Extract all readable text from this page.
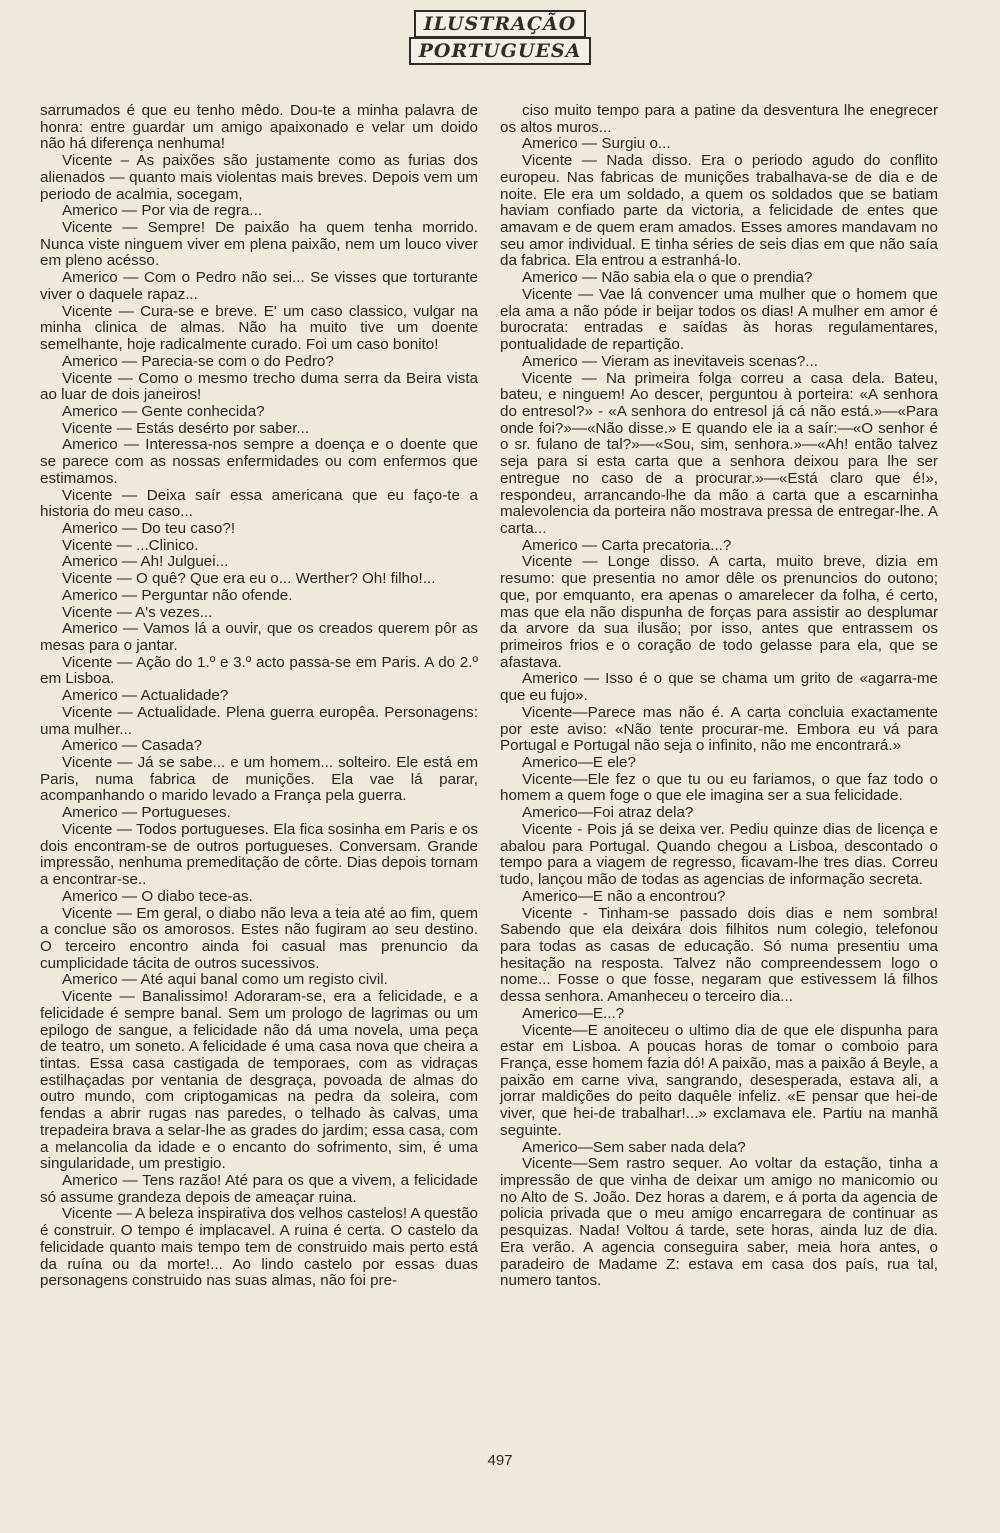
ILUSTRAÇÃO
PORTUGUESA

sarrumados é que eu tenho mêdo. Dou-te a minha palavra de honra: entre guardar um amigo apaixonado e velar um doido não há diferença nenhuma!

Vicente – As paixões são justamente como as furias dos alienados — quanto mais violentas mais breves. Depois vem um periodo de acalmia, socegam,

Americo — Por via de regra...

Vicente — Sempre! De paixão ha quem tenha morrido. Nunca viste ninguem viver em plena paixão, nem um louco viver em pleno acésso.

Americo — Com o Pedro não sei... Se visses que torturante viver o daquele rapaz...

Vicente — Cura-se e breve. E' um caso classico, vulgar na minha clinica de almas. Não ha muito tive um doente semelhante, hoje radicalmente curado. Foi um caso bonito!

Americo — Parecia-se com o do Pedro?

Vicente — Como o mesmo trecho duma serra da Beira vista ao luar de dois janeiros!

Americo — Gente conhecida?

Vicente — Estás desérto por saber...

Americo — Interessa-nos sempre a doença e o doente que se parece com as nossas enfermidades ou com enfermos que estimamos.

Vicente — Deixa saír essa americana que eu faço-te a historia do meu caso...

Americo — Do teu caso?!

Vicente — ...Clinico.

Americo — Ah! Julguei...

Vicente — O quê? Que era eu o... Werther? Oh! filho!...

Americo — Perguntar não ofende.

Vicente — A's vezes...

Americo — Vamos lá a ouvir, que os creados querem pôr as mesas para o jantar.

Vicente — Ação do 1.º e 3.º acto passa-se em Paris. A do 2.º em Lisboa.

Americo — Actualidade?

Vicente — Actualidade. Plena guerra europêa. Personagens: uma mulher...

Americo — Casada?

Vicente — Já se sabe... e um homem... solteiro. Ele está em Paris, numa fabrica de munições. Ela vae lá parar, acompanhando o marido levado a França pela guerra.

Americo — Portugueses.

Vicente — Todos portugueses. Ela fica sosinha em Paris e os dois encontram-se de outros portugueses. Conversam. Grande impressão, nenhuma premeditação de côrte. Dias depois tornam a encontrar-se..

Americo — O diabo tece-as.

Vicente — Em geral, o diabo não leva a teia até ao fim, quem a conclue são os amorosos. Estes não fugiram ao seu destino. O terceiro encontro ainda foi casual mas prenuncio da cumplicidade tácita de outros sucessivos.

Americo — Até aqui banal como um registo civil.

Vicente — Banalissimo! Adoraram-se, era a felicidade, e a felicidade é sempre banal. Sem um prologo de lagrimas ou um epilogo de sangue, a felicidade não dá uma novela, uma peça de teatro, um soneto. A felicidade é uma casa nova que cheira a tintas. Essa casa castigada de temporaes, com as vidraças estilhaçadas por ventania de desgraça, povoada de almas do outro mundo, com criptogamicas na pedra da soleira, com fendas a abrir rugas nas paredes, o telhado às calvas, uma trepadeira brava a selar-lhe as grades do jardim; essa casa, com a melancolia da idade e o encanto do sofrimento, sim, é uma singularidade, um prestigio.

Americo — Tens razão! Até para os que a vivem, a felicidade só assume grandeza depois de ameaçar ruina.

Vicente — A beleza inspirativa dos velhos castelos! A questão é construir. O tempo é implacavel. A ruina é certa. O castelo da felicidade quanto mais tempo tem de construido mais perto está da ruína ou da morte!... Ao lindo castelo por essas duas personagens construido nas suas almas, não foi pre-

ciso muito tempo para a patine da desventura lhe enegrecer os altos muros...

Americo — Surgiu o...

Vicente — Nada disso. Era o periodo agudo do conflito europeu. Nas fabricas de munições trabalhava-se de dia e de noite. Ele era um soldado, a quem os soldados que se batiam haviam confiado parte da victoria, a felicidade de entes que amavam e de quem eram amados. Esses amores mandavam no seu amor individual. E tinha séries de seis dias em que não saía da fabrica. Ela entrou a estranhá-lo.

Americo — Não sabia ela o que o prendia?

Vicente — Vae lá convencer uma mulher que o homem que ela ama a não póde ir beijar todos os dias! A mulher em amor é burocrata: entradas e saídas às horas regulamentares, pontualidade de repartição.

Americo — Vieram as inevitaveis scenas?...

Vicente — Na primeira folga correu a casa dela. Bateu, bateu, e ninguem! Ao descer, perguntou à porteira: «A senhora do entresol?» - «A senhora do entresol já cá não está.»—«Para onde foi?»—«Não disse.» E quando ele ia a saír:—«O senhor é o sr. fulano de tal?»—«Sou, sim, senhora.»—«Ah! então talvez seja para si esta carta que a senhora deixou para lhe ser entregue no caso de a procurar.»—«Está claro que é!», respondeu, arrancando-lhe da mão a carta que a escarninha malevolencia da porteira não mostrava pressa de entregar-lhe. A carta...

Americo — Carta precatoria...?

Vicente — Longe disso. A carta, muito breve, dizia em resumo: que presentia no amor dêle os prenuncios do outono; que, por emquanto, era apenas o amarelecer da folha, é certo, mas que ela não dispunha de forças para assistir ao desplumar da arvore da sua ilusão; por isso, antes que entrassem os primeiros frios e o coração de todo gelasse para ela, que se afastava.

Americo — Isso é o que se chama um grito de «agarra-me que eu fujo».

Vicente—Parece mas não é. A carta concluia exactamente por este aviso: «Não tente procurar-me. Embora eu vá para Portugal e Portugal não seja o infinito, não me encontrará.»

Americo—E ele?

Vicente—Ele fez o que tu ou eu fariamos, o que faz todo o homem a quem foge o que ele imagina ser a sua felicidade.

Americo—Foi atraz dela?

Vicente - Pois já se deixa ver. Pediu quinze dias de licença e abalou para Portugal. Quando chegou a Lisboa, descontado o tempo para a viagem de regresso, ficavam-lhe tres dias. Correu tudo, lançou mão de todas as agencias de informação secreta.

Americo—E não a encontrou?

Vicente - Tinham-se passado dois dias e nem sombra! Sabendo que ela deixára dois filhitos num colegio, telefonou para todas as casas de educação. Só numa presentiu uma hesitação na resposta. Talvez não compreendessem logo o nome... Fosse o que fosse, negaram que estivessem lá filhos dessa senhora. Amanheceu o terceiro dia...

Americo—E...?

Vicente—E anoiteceu o ultimo dia de que ele dispunha para estar em Lisboa. A poucas horas de tomar o comboio para França, esse homem fazia dó! A paixão, mas a paixão á Beyle, a paixão em carne viva, sangrando, desesperada, estava ali, a jorrar maldições do peito daquêle infeliz. «E pensar que hei-de viver, que hei-de trabalhar!...» exclamava ele. Partiu na manhã seguinte.

Americo—Sem saber nada dela?

Vicente—Sem rastro sequer. Ao voltar da estação, tinha a impressão de que vinha de deixar um amigo no manicomio ou no Alto de S. João. Dez horas a darem, e á porta da agencia de policia privada que o meu amigo encarregara de continuar as pesquizas. Nada! Voltou á tarde, sete horas, ainda luz de dia. Era verão. A agencia conseguira saber, meia hora antes, o paradeiro de Madame Z: estava em casa dos país, rua tal, numero tantos.

497
